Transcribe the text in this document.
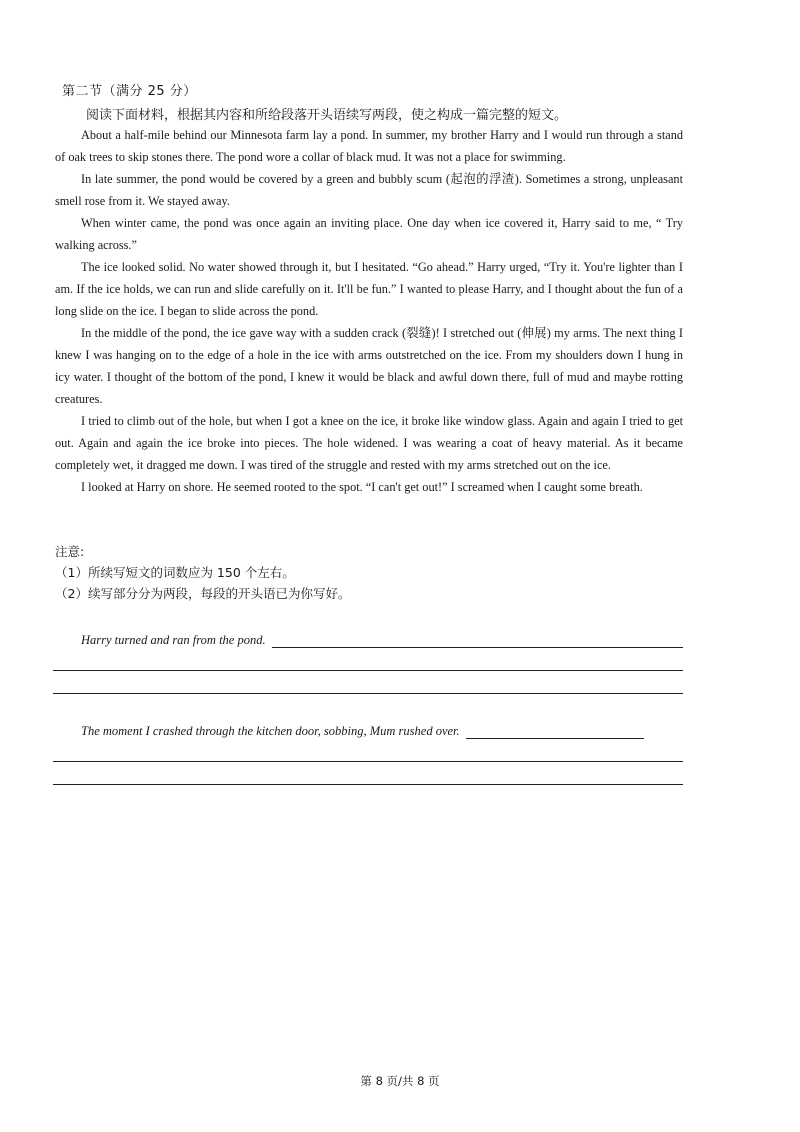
第二节（满分 25 分）
阅读下面材料，根据其内容和所给段落开头语续写两段，使之构成一篇完整的短文。

About a half-mile behind our Minnesota farm lay a pond. In summer, my brother Harry and I would run through a stand of oak trees to skip stones there. The pond wore a collar of black mud. It was not a place for swimming.

In late summer, the pond would be covered by a green and bubbly scum (起泡的浮渣). Sometimes a strong, unpleasant smell rose from it. We stayed away.

When winter came, the pond was once again an inviting place. One day when ice covered it, Harry said to me, “ Try walking across.”

The ice looked solid. No water showed through it, but I hesitated. “Go ahead.” Harry urged, “Try it. You're lighter than I am. If the ice holds, we can run and slide carefully on it. It'll be fun.” I wanted to please Harry, and I thought about the fun of a long slide on the ice. I began to slide across the pond.

In the middle of the pond, the ice gave way with a sudden crack (裂缝)! I stretched out (伸展) my arms. The next thing I knew I was hanging on to the edge of a hole in the ice with arms outstretched on the ice. From my shoulders down I hung in icy water. I thought of the bottom of the pond, I knew it would be black and awful down there, full of mud and maybe rotting creatures.

I tried to climb out of the hole, but when I got a knee on the ice, it broke like window glass. Again and again I tried to get out. Again and again the ice broke into pieces. The hole widened. I was wearing a coat of heavy material. As it became completely wet, it dragged me down. I was tired of the struggle and rested with my arms stretched out on the ice.

I looked at Harry on shore. He seemed rooted to the spot. “I can't get out!” I screamed when I caught some breath.

注意:
（1）所续写短文的词数应为 150 个左右。
（2）续写部分分为两段，每段的开头语已为你写好。
Harry turned and ran from the pond.
The moment I crashed through the kitchen door, sobbing, Mum rushed over.
第 8 页/共 8 页
